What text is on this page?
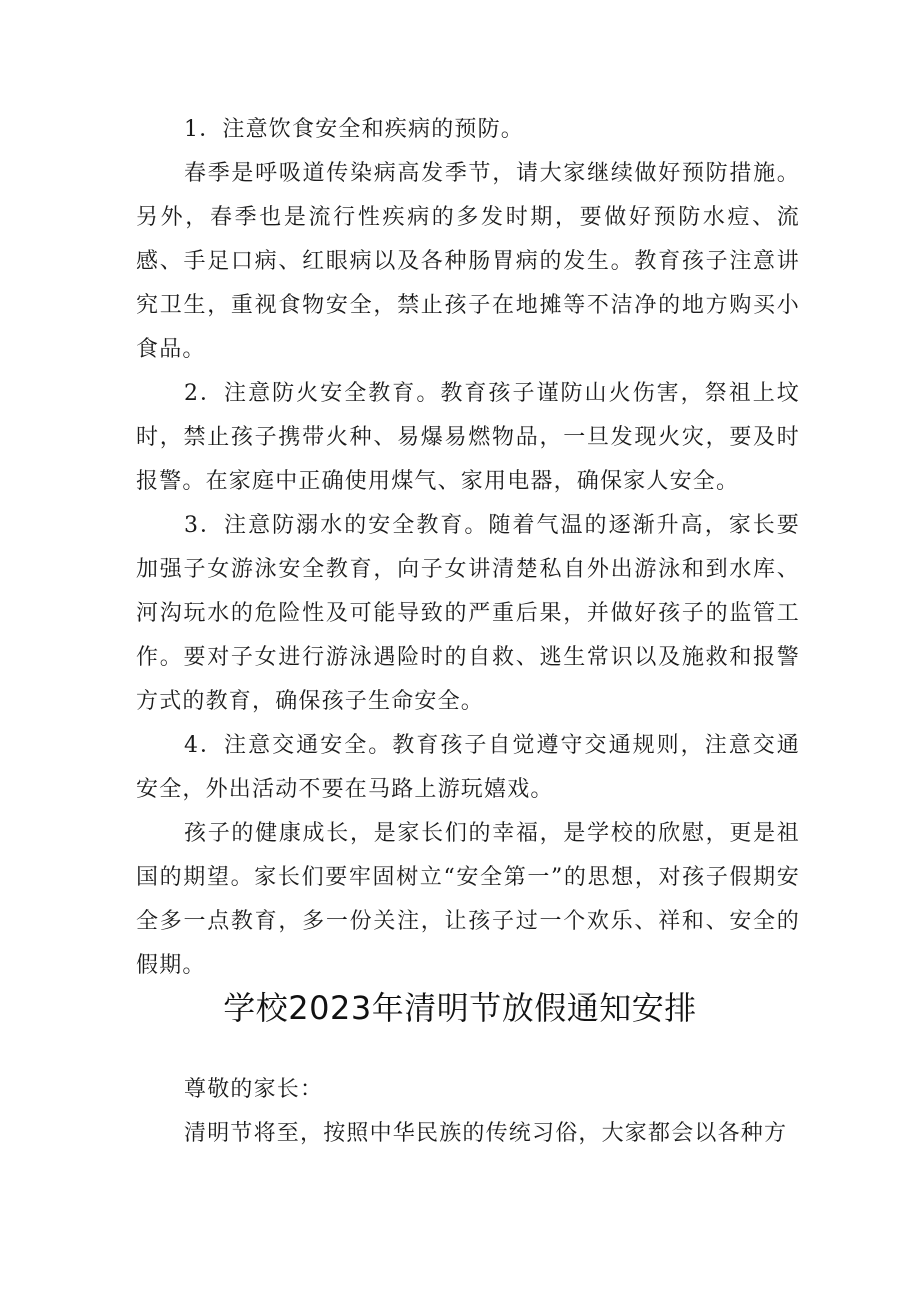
1．注意饮食安全和疾病的预防。

春季是呼吸道传染病高发季节，请大家继续做好预防措施。另外，春季也是流行性疾病的多发时期，要做好预防水痘、流感、手足口病、红眼病以及各种肠胃病的发生。教育孩子注意讲究卫生，重视食物安全，禁止孩子在地摊等不洁净的地方购买小食品。

2．注意防火安全教育。教育孩子谨防山火伤害，祭祖上坟时，禁止孩子携带火种、易爆易燃物品，一旦发现火灾，要及时报警。在家庭中正确使用煤气、家用电器，确保家人安全。

3．注意防溺水的安全教育。随着气温的逐渐升高，家长要加强子女游泳安全教育，向子女讲清楚私自外出游泳和到水库、河沟玩水的危险性及可能导致的严重后果，并做好孩子的监管工作。要对子女进行游泳遇险时的自救、逃生常识以及施救和报警方式的教育，确保孩子生命安全。

4．注意交通安全。教育孩子自觉遵守交通规则，注意交通安全，外出活动不要在马路上游玩嬉戏。

孩子的健康成长，是家长们的幸福，是学校的欣慰，更是祖国的期望。家长们要牢固树立“安全第一”的思想，对孩子假期安全多一点教育，多一份关注，让孩子过一个欢乐、祥和、安全的假期。

学校2023年清明节放假通知安排

尊敬的家长：

清明节将至，按照中华民族的传统习俗，大家都会以各种方
